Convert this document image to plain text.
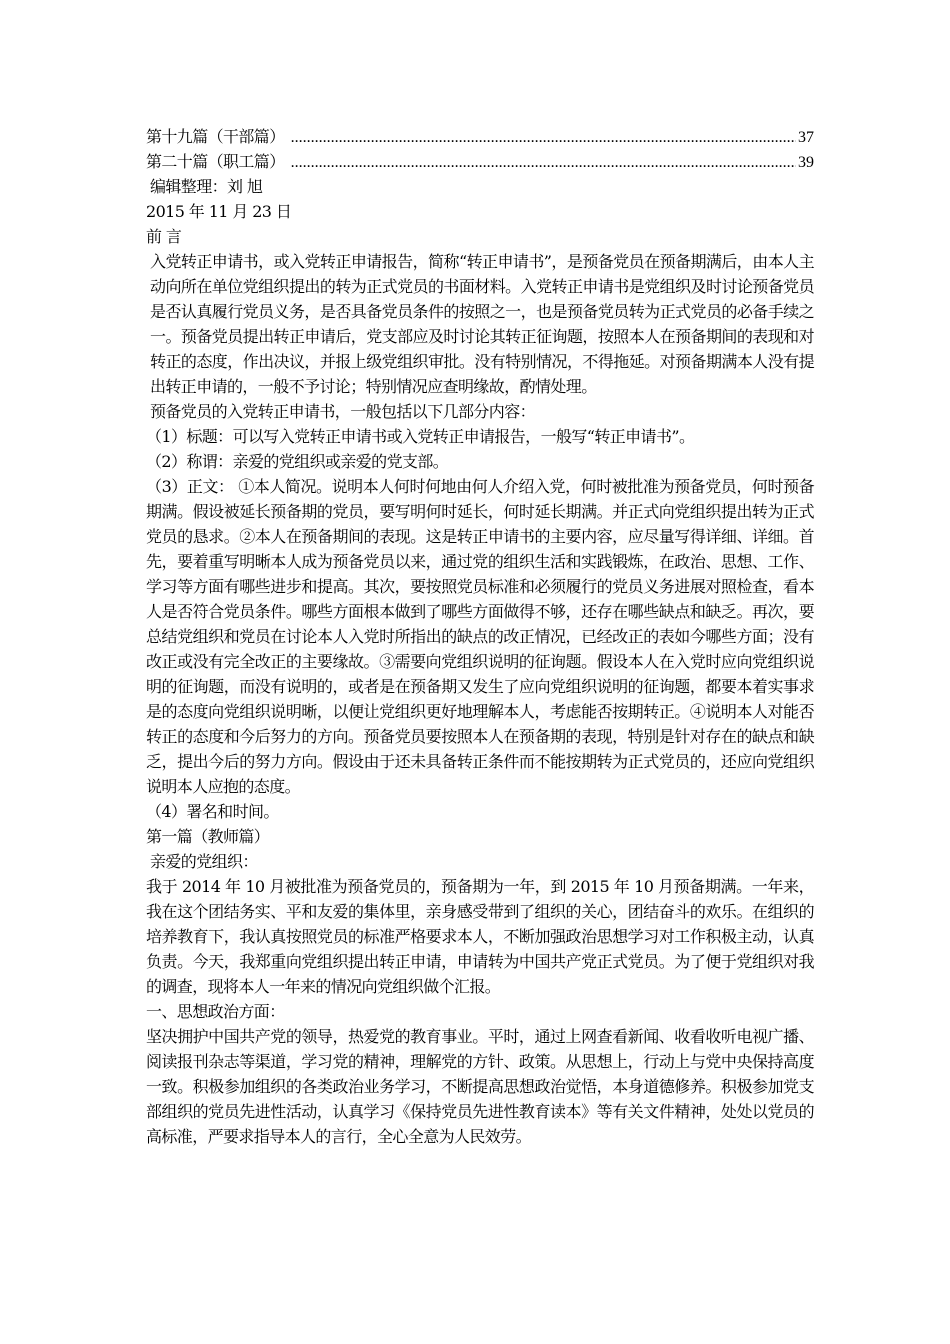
第十九篇（干部篇） .....	37
第二十篇（职工篇） .....	39

编辑整理：刘 旭

2015 年 11 月 23 日

前 言

入党转正申请书，或入党转正申请报告，简称“转正申请书”，是预备党员在预备期满后，由本人主动向所在单位党组织提出的转为正式党员的书面材料。入党转正申请书是党组织及时讨论预备党员是否认真履行党员义务，是否具备党员条件的按照之一，也是预备党员转为正式党员的必备手续之一。预备党员提出转正申请后，党支部应及时讨论其转正征询题，按照本人在预备期间的表现和对转正的态度，作出决议，并报上级党组织审批。没有特别情况，不得拖延。对预备期满本人没有提出转正申请的，一般不予讨论；特别情况应查明缘故，酌情处理。

预备党员的入党转正申请书，一般包括以下几部分内容：

（1）标题：可以写入党转正申请书或入党转正申请报告，一般写“转正申请书”。

（2）称谓：亲爱的党组织或亲爱的党支部。

（3）正文： ①本人简况。说明本人何时何地由何人介绍入党，何时被批准为预备党员，何时预备期满。假设被延长预备期的党员，要写明何时延长，何时延长期满。并正式向党组织提出转为正式党员的恳求。②本人在预备期间的表现。这是转正申请书的主要内容，应尽量写得详细、详细。首先，要着重写明晰本人成为预备党员以来，通过党的组织生活和实践锻炼，在政治、思想、工作、学习等方面有哪些进步和提高。其次，要按照党员标准和必须履行的党员义务进展对照检查，看本人是否符合党员条件。哪些方面根本做到了哪些方面做得不够，还存在哪些缺点和缺乏。再次，要总结党组织和党员在讨论本人入党时所指出的缺点的改正情况，已经改正的表如今哪些方面；没有改正或没有完全改正的主要缘故。③需要向党组织说明的征询题。假设本人在入党时应向党组织说明的征询题，而没有说明的，或者是在预备期又发生了应向党组织说明的征询题，都要本着实事求是的态度向党组织说明晰，以便让党组织更好地理解本人，考虑能否按期转正。④说明本人对能否转正的态度和今后努力的方向。预备党员要按照本人在预备期的表现，特别是针对存在的缺点和缺乏，提出今后的努力方向。假设由于还未具备转正条件而不能按期转为正式党员的，还应向党组织说明本人应抱的态度。

（4）署名和时间。

第一篇（教师篇）

亲爱的党组织：

我于 2014 年 10 月被批准为预备党员的，预备期为一年，到 2015 年 10 月预备期满。一年来，我在这个团结务实、平和友爱的集体里，亲身感受带到了组织的关心，团结奋斗的欢乐。在组织的培养教育下，我认真按照党员的标准严格要求本人，不断加强政治思想学习对工作积极主动，认真负责。今天，我郑重向党组织提出转正申请，申请转为中国共产党正式党员。为了便于党组织对我的调查，现将本人一年来的情况向党组织做个汇报。

一、思想政治方面：

坚决拥护中国共产党的领导，热爱党的教育事业。平时，通过上网查看新闻、收看收听电视广播、阅读报刊杂志等渠道，学习党的精神，理解党的方针、政策。从思想上，行动上与党中央保持高度一致。积极参加组织的各类政治业务学习，不断提高思想政治觉悟，本身道德修养。积极参加党支部组织的党员先进性活动，认真学习《保持党员先进性教育读本》等有关文件精神，处处以党员的高标准，严要求指导本人的言行，全心全意为人民效劳。
